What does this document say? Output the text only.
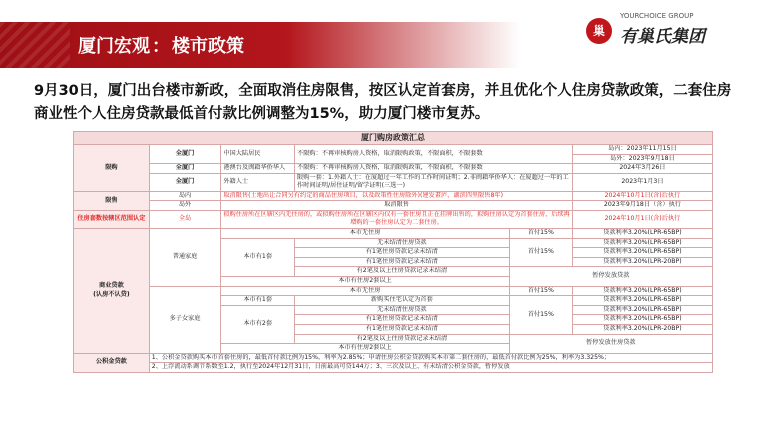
厦门宏观 ： 楼市政策
巢
YOURCHOICE GROUP
有巢氏集团
9月30日，厦门出台楼市新政，全面取消住房限售，按区认定首套房，并且优化个人住房贷款政策，二套住房商业性个人住房贷款最低首付款比例调整为15%，助力厦门楼市复苏。
厦门购房政策汇总					
限购	全厦门	中国大陆居民	不限购：不再审核购房人资格，取消限购政策，不限面积，不限套数		岛内：2023年11月15日
					岛外：2023年9月18日
	全厦门	港澳台及闽籍华侨华人	不限购：不再审核购房人资格，取消限购政策，不限面积，不限套数		2024年3月26日
	全厦门	外籍人士	限购一套：1.外籍人士：在厦超过一年工作的工作时间证明；2.非闽籍华侨华人：在厦超过一年的工作时间证明/居住证明/留学证明(三选一)		2023年1月3日
限售	岛内	取消限售(土地出让合同另有约定的商品住房项目，以及政策性住房除外)(建发畫庐、湖滨四里限售8年)			2024年10月1日(含)后执行
	岛外	取消限售			2023年9月18日（含）执行
住房套数按辖区范围认定	全岛	拟购住房所在区辖区内无住房的，或拟购住房所在区辖区内仅有一套住房且正在挂牌出售的，拟购住房认定为首套住房，后续再增购的一套住房认定为二套住房。			2024年10月1日(含)后执行
商业贷款
(认房不认贷)	普通家庭	本市无住房		首付15%	贷款利率3.20%(LPR-65BP)
		本市有1套	无未结清住房贷款	首付15%	贷款利率3.20%(LPR-65BP)
			有1笔住房贷款记录未结清		贷款利率3.20%(LPR-65BP)
			有1笔住房贷款记录未结清		贷款利率3.20%(LPR-20BP)
			有2笔及以上住房贷款记录未结清	暂停发放贷款	
		本市有住房2套以上			
	多子女家庭	本市无住房		首付15%	贷款利率3.20%(LPR-65BP)
		本市有1套	新购买住宅认定为首套	首付15%	贷款利率3.20%(LPR-65BP)
		本市有2套	无未结清住房贷款		贷款利率3.20%(LPR-65BP)
			有1笔住房贷款记录未结清		贷款利率3.20%(LPR-65BP)
			有1笔住房贷款记录未结清		贷款利率3.20%(LPR-20BP)
			有2笔及以上住房贷款记录未结清	暂停发放住房贷款	
		本市有住房2套以上			
公积金贷款	1、公积金贷款购买本市首套住房的，最低首付款比例为15%，利率为2.85%；申请住房公积金贷款购买本市第二套住房的，最低首付款比例为25%，利率为3.325%；				
	2、上浮流动系调节系数至1.2，执行至2024年12月31日，日前最高可贷144万；3、三次及以上、有未结清公积金贷款，暂停发放				
